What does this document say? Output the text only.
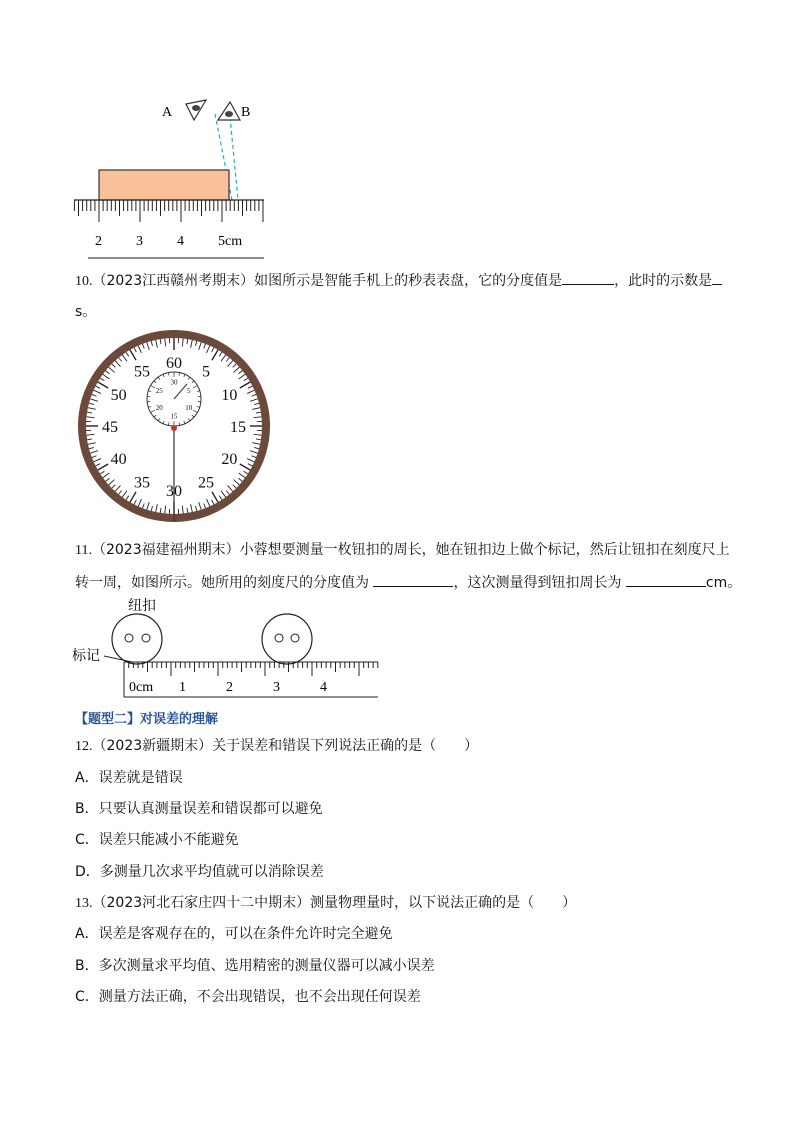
A	B
2 3 4 5cm
10.（2023江西赣州考期末）如图所示是智能手机上的秒表表盘，它的分度值是	，此时的示数是
s。
60
5
10
15
20
25
30
35
40
45
50
55
30
5
10
15
20
25
11.（2023福建福州期末）小蓉想要测量一枚钮扣的周长，她在钮扣边上做个标记，然后让钮扣在刻度尺上
转一周，如图所示。她所用的刻度尺的分度值为	，这次测量得到钮扣周长为	cm。
纽扣
标记
0cm 1	2	3	4
【题型二】对误差的理解
12.（2023新疆期末）关于误差和错误下列说法正确的是（　　）
A．误差就是错误
B．只要认真测量误差和错误都可以避免
C．误差只能减小不能避免
D．多测量几次求平均值就可以消除误差
13.（2023河北石家庄四十二中期末）测量物理量时，以下说法正确的是（　　）
A．误差是客观存在的，可以在条件允许时完全避免
B．多次测量求平均值、选用精密的测量仪器可以减小误差
C．测量方法正确，不会出现错误，也不会出现任何误差
